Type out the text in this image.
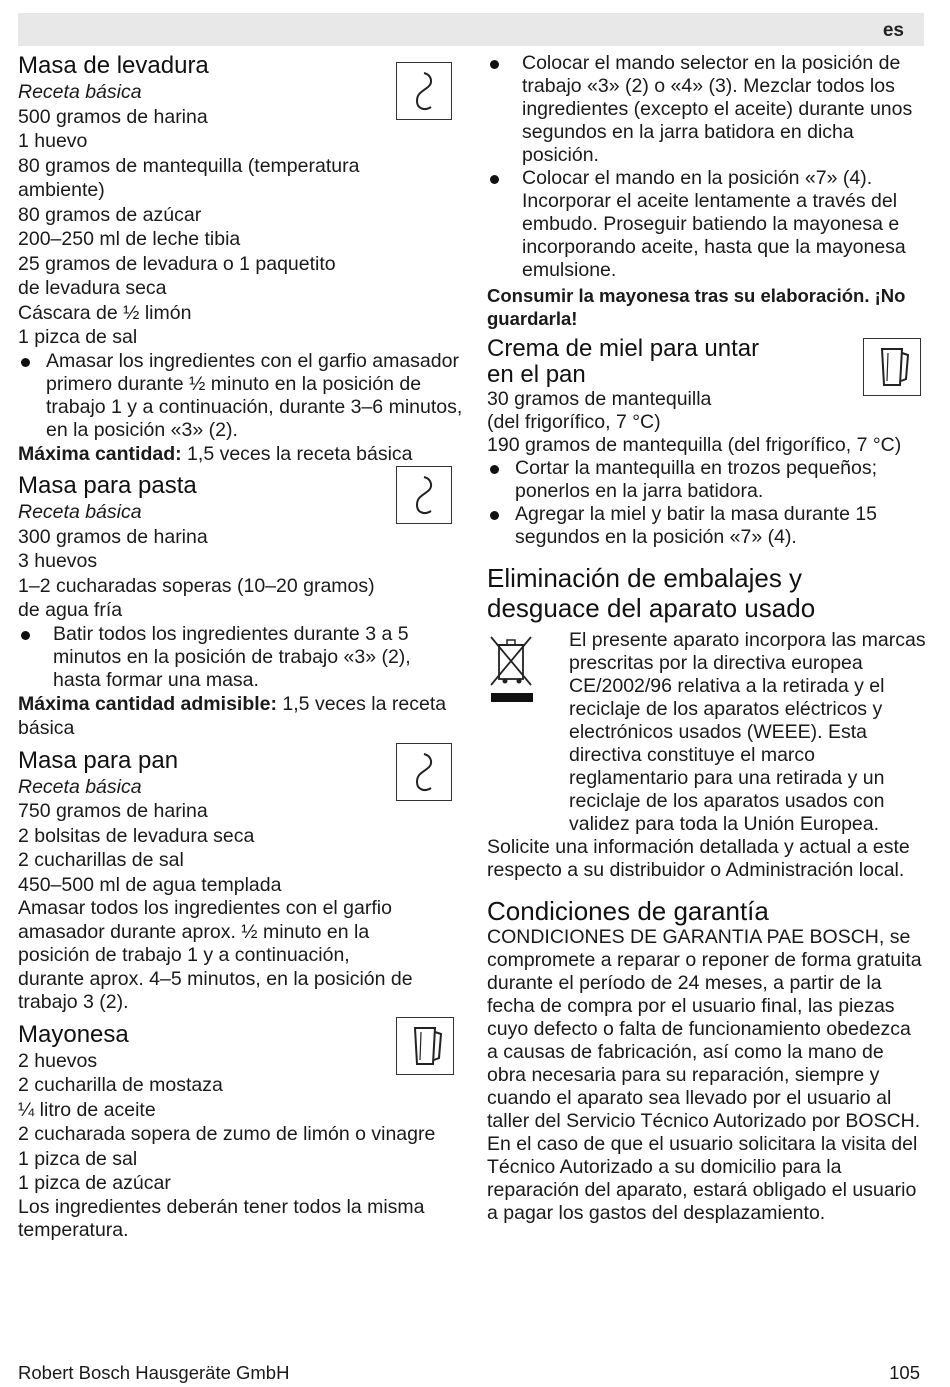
es
Masa de levadura

Receta básica

500 gramos de harina

1 huevo

80 gramos de mantequilla (temperatura

ambiente)

80 gramos de azúcar

200–250 ml de leche tibia

25 gramos de levadura o 1 paquetito

de levadura seca

Cáscara de ½ limón

1 pizca de sal

Amasar los ingredientes con el garfio amasador primero durante ½ minuto en la posición de trabajo 1 y a continuación, durante 3–6 minutos, en la posición «3» (2).

Máxima cantidad: 1,5 veces la receta básica

Masa para pasta

Receta básica

300 gramos de harina

3 huevos

1–2 cucharadas soperas (10–20 gramos)

de agua fría

Batir todos los ingredientes durante 3 a 5 minutos en la posición de trabajo «3» (2), hasta formar una masa.

Máxima cantidad admisible: 1,5 veces la receta básica

Masa para pan

Receta básica

750 gramos de harina

2 bolsitas de levadura seca

2 cucharillas de sal

450–500 ml de agua templada

Amasar todos los ingredientes con el garfio amasador durante aprox. ½ minuto en la posición de trabajo 1 y a continuación, durante aprox. 4–5 minutos, en la posición de trabajo 3 (2).

Mayonesa

2 huevos

2 cucharilla de mostaza

¼ litro de aceite

2 cucharada sopera de zumo de limón o vinagre

1 pizca de sal

1 pizca de azúcar

Los ingredientes deberán tener todos la misma temperatura.

Colocar el mando selector en la posición de trabajo «3» (2) o «4» (3). Mezclar todos los ingredientes (excepto el aceite) durante unos segundos en la jarra batidora en dicha posición.
Colocar el mando en la posición «7» (4). Incorporar el aceite lentamente a través del embudo. Proseguir batiendo la mayonesa e incorporando aceite, hasta que la mayonesa emulsione.

Consumir la mayonesa tras su elaboración. ¡No guardarla!

Crema de miel para untar en el pan

30 gramos de mantequilla

(del frigorífico, 7 °C)

190 gramos de mantequilla (del frigorífico, 7 °C)

Cortar la mantequilla en trozos pequeños; ponerlos en la jarra batidora.
Agregar la miel y batir la masa durante 15 segundos en la posición «7» (4).
Eliminación de embalajes y desguace del aparato usado
El presente aparato incorpora las marcas prescritas por la directiva europea CE/2002/96 relativa a la retirada y el reciclaje de los aparatos eléctricos y electrónicos usados (WEEE). Esta directiva constituye el marco reglamentario para una retirada y un reciclaje de los aparatos usados con validez para toda la Unión Europea.

Solicite una información detallada y actual a este respecto a su distribuidor o Administración local.

Condiciones de garantía

CONDICIONES DE GARANTIA PAE BOSCH, se compromete a reparar o reponer de forma gratuita durante el período de 24 meses, a partir de la fecha de compra por el usuario final, las piezas cuyo defecto o falta de funcionamiento obedezca a causas de fabricación, así como la mano de obra necesaria para su reparación, siempre y cuando el aparato sea llevado por el usuario al taller del Servicio Técnico Autorizado por BOSCH.

En el caso de que el usuario solicitara la visita del Técnico Autorizado a su domicilio para la reparación del aparato, estará obligado el usuario a pagar los gastos del desplazamiento.

Robert Bosch Hausgeräte GmbH	105
